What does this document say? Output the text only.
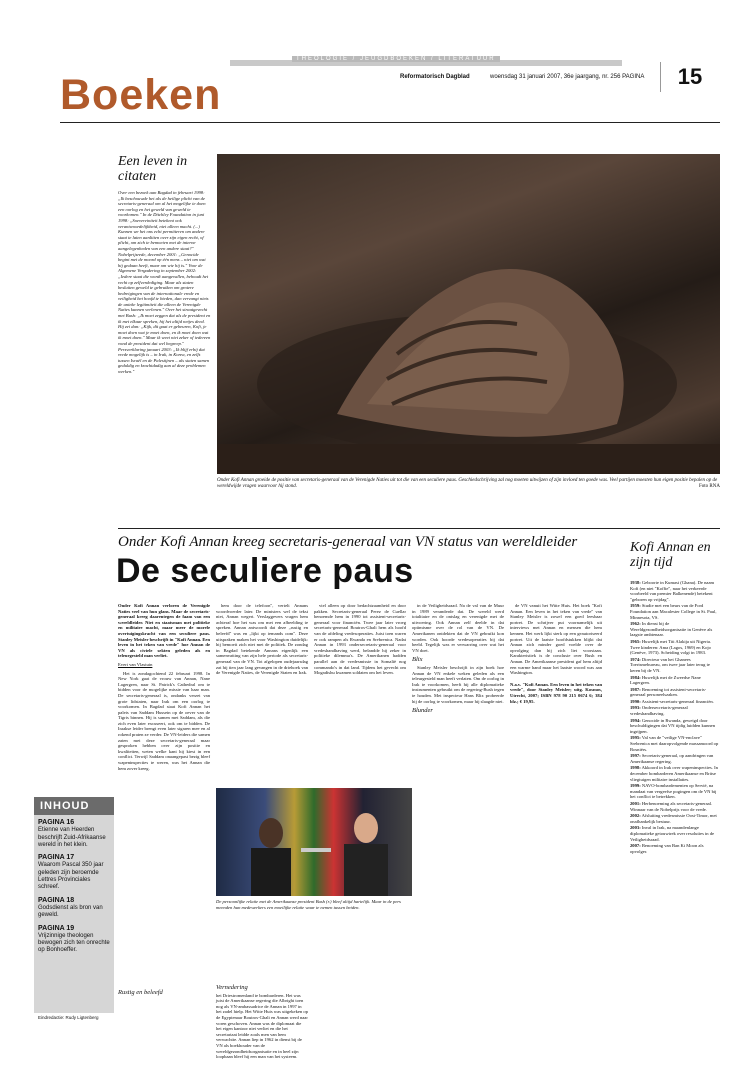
THEOLOGIE / JEUGDBOEKEN / LITERATUUR
Boeken	Reformatorisch Dagblad	woensdag 31 januari 2007, 36e jaargang, nr. 256 PAGINA	15
Een leven in citaten
Over een bezoek aan Bagdad in februari 1998: „Ik beschouwde het als de heilige plicht van de secretaris-generaal om al het mogelijke te doen een oorlog en het geweld van geweld te voorkomen." In de Ditchley Foundation in juni 1998: „Soevereiniteit betekent ook verantwoordelijkheid, niet alleen macht. (...) Kunnen we het ons echt permitteren om andere staat te laten aanlitten over zijn eigen recht, of plicht, om zich te bemoeien met de interne aangelegenheden van een andere staat?" Nobelprijsrede, december 2001: „Genocide begint met de moord op één mens – niet om wat hij gedaan heeft, maar om wie hij is." Voor de Algemene Vergadering in september 2002: „Iedere staat die wordt aangevallen, behoudt het recht op zelfverdediging. Maar als staten besluiten geweld te gebruiken om grotere bedreigingen van de internationale vrede en veiligheid het hoofd te bieden, dan vervangt niets de unieke legitimiteit die alleen de Verenigde Naties kunnen verlenen." Over het straatgevecht met Bush: „Ik moet zeggen dat als de president en ik met elkaar spreken, hij het altijd netjes deed. Hij zei dan: „Kijk, dit gaat er gebeuren, Kofi, je moet doen wat je moet doen, en ik moet doen wat ik moet doen." Maar ik weet niet zeker of iedereen vond de president dat wel begreep." Persverklaring januari 2003: „Ik blijf erbij dat vrede mogelijk is – in Irak, in Korea, en zelfs tussen Israël en de Palestijnen – als staten samen geduldig en krachtdadig aan al deze problemen werken."
Onder Kofi Annan groeide de positie van secretaris-generaal van de Verenigde Naties uit tot die van een seculiere paus. Geschiedschrijving zal nog moeten uitwijzen of zijn invloed ten goede was. Veel partijen moesten hun eigen positie bepalen op de wereldwijde vragen waarvoor hij stond.	Foto RNA
Onder Kofi Annan kreeg secretaris-generaal van VN status van wereldleider
De seculiere paus

Onder Kofi Annan verloren de Verenigde Naties veel van hun glans. Maar de secretaris-generaal kreeg daarentegen de faam van een wereldleider. Niet en staatsman met politieke en militaire macht, maar meer de morele overtuigingskracht van een seculiere paus. Stanley Meisler beschrijft in "Kofi Annan. Een leven in het teken van vrede" hoe Annan de VN als civiele sekten geleden als en teleurgesteld man verliet.

Evert van Vlastuin

Het is zondagochtend 22 februari 1998. In New York gaat de vrouw van Annan, Nane Lagergren, naar St. Patrick's Cathedral om te bidden voor de mogelijke missie van haar man. De secretaris-generaal is, ondanks verzet van grote lidstaten, naar Irak om een oorlog te voorkomen. In Bagdad staat Kofi Annan het paleis van Saddam Hussein op de oever van de Tigris binnen. Hij is samen met Saddam, als die zich even later excuseert, ook om te bidden. De Iraakse leider brengt even later sigaren mee en al rokend praten ze verder. De VN-leiders die samen zaten met deze secretaris-generaal maar gesproken hebben over zijn positie en kwaliteiten, weten welke kant hij kiest in een conflict. Terwijl Saddam onaangepast bezig bleef wapeninspecties te weren, was het Annan die hem zover kreeg.

hem door de telefoon", vertelt Annans woordvoerder later. De ministers wel de tekst niet, Annan wegert. Verslaggevers vragen hem achteraf hoe het was om met een afbeelding te spreken. Annan antwoordt dat deze „rustig en beleefd" was en „lijkt op iemands oom". Deze uitspraken maken het voor Washington duidelijk: hij bemoeit zich niet met de politiek. De zondag in Bagdad betekende Annans eigenlijk een samenvatting van zijn hele periode als secretaris-generaal van de VN. Tot afgelopen oudejaarsdag zat hij tien jaar lang gevangen in de driehoek van de Verenigde Naties, de Verenigde Staten en Irak.

viel alleen op door bedachtzaamheid en door pakken. Secretaris-generaal Perez de Cuellar benoemde hem in 1990 tot assistent-secretaris-generaal voor financiën. Twee jaar later vroeg secretaris-generaal Boutros-Ghali hem als hoofd van de afdeling vredesoperaties. Juist toen waren er ook rampen als Rwanda en Srebrenica. Nadat Annan in 1993 ondersecretaris-generaal voor vredeshandhaving werd, belandde hij zeker in politieke dilemma's. De Amerikanen hadden parallel aan de vredesmissie in Somalië nog commando's in dat land. Tijdens het gevecht om Mogadishu kwamen soldaten om het leven.

in de Veiligheidsraad. Na de val van de Muur in 1989 veranderde dat. De wereld werd totalitaire en de ontslag en verenigde met de uitvoering. Ook Annan zelf deelde in dat optimisme over de rol van de VN. De Amerikanen ontdekten dat de VN gebruikt kon worden. Ook hoorde vredesoperaties bij dat beeld. Tegelijk was er verwarring over wat het VN doet.

Blix

Stanley Meisler beschrijft in zijn boek hoe Annan de VN enkele weken geleden als een teleurgesteld man heeft verlaten. Om de oorlog in Irak te voorkomen, heeft hij alle diplomatieke instrumenten gebruikt om de regering-Bush tegen te houden. Met inspecteur Hans Blix probeerde hij de oorlog te voorkomen, maar hij slaagde niet.

Blunder

de VN vanuit het Witte Huis. Het boek "Kofi Annan. Een leven in het teken van vrede" van Stanley Meisler is zowel een goed leesbaar portret. De schrijver put voornamelijk uit interviews met Annan en mensen die hem kennen. Het werk lijkt sterk op een geautoriseerd portret. Uit de laatste hoofdstukken blijkt dat Annan zich minder goed voelde over de opvolging dan hij zich liet voorstaan. Karakteristiek is de conclusie over Bush en Annan. De Amerikaanse president gaf hem altijd een warme hand maar het laatste woord was aan Washington.

N.a.v. "Kofi Annan. Een leven in het teken van vrede", door Stanley Meisler; uitg. Kosmos, Utrecht, 2007; ISBN 978 90 215 0674 6; 384 blz.; € 19,95.

Rustig en beleefd
Vernedering

het Driestromenland te bombarderen. Het was juist de Amerikaanse regering die Albright toen nog als VN-ambassadrice de Annan in 1997 in het zadel hielp. Het Witte Huis was uitgekeken op de Egyptenaar Boutros-Ghali en Annan werd naar voren geschoven. Annan was de diplomaat die het eigen kantoor niet verliet en die het secretariaat leidde zoals men van hem verwachtte. Annan liep in 1962 in dienst bij de VN als boekhouder van de wereldgezondheidsorganisatie en in heel zijn loopbaan bleef hij een man van het systeem.

De persoonlijke relatie met de Amerikaanse president Bush (r.) bleef altijd hartelijk. Maar in de pers meenden hun medewerkers een moeilijke relatie waar te nemen tussen beiden.
INHOUD
PAGINA 16
Etienne van Heerden beschrijft Zuid-Afrikaanse wereld in het klein.
PAGINA 17
Waarom Pascal 350 jaar geleden zijn beroemde Lettres Provinciales schreef.
PAGINA 18
Godsdienst als bron van geweld.
PAGINA 19
Vrijzinnige theologen bewogen zich ten onrechte op Bonhoeffer.
Eindredactie: Rudy Ligtenberg
Kofi Annan en zijn tijd

1938: Geboorte in Kumasi (Ghana). De naam Kofi (en niet "Koffie", naar het verkeerde voorbeeld van premier Balkenende) betekent "geboren op vrijdag".

1959: Studie met een beurs van de Ford Foundation aan Macalester College in St. Paul, Minnesota, VS.

1962: In dienst bij de Wereldgezondheidsorganisatie in Genève als laagste ambtenaar.

1965: Huwelijk met Titi Alakija uit Nigeria. Twee kinderen: Ama (Lagos, 1969) en Kojo (Genève, 1973). Scheiding volgt in 1983.

1974: Directeur van het Ghanees Toerismebureau, om twee jaar later terug te keren bij de VN.

1984: Huwelijk met de Zweedse Nane Lagergren.

1987: Benoeming tot assistent-secretaris-generaal personeelszaken.

1990: Assistent-secretaris-generaal financiën.

1993: Ondersecretaris-generaal vredeshandhaving.

1994: Genocide in Rwanda, geweigd door beschuldigingen dat VN tijdig luidden kunnen ingrijpen.

1995: Val van de "veilige VN-enclave" Srebrenica met daaropvolgende massamoord op Bosniërs.

1997: Secretaris-generaal, op aandringen van Amerikaanse regering.

1998: Akkoord in Irak over wapeninspecties. In december bombarderen Amerikaanse en Britse vliegtuigen militaire installaties.

1999: NAVO-bombardementen op Servië, na mandaat van vergeefse pogingen om de VN bij het conflict te betrekken.

2001: Herbenoeming als secretaris-generaal. Winnaar van de Nobelprijs voor de vrede.

2002: Afsluiting vredesmissie Oost-Timor, met onafhankelijk bestuur.

2003: Inval in Irak, na maandenlange diplomatieke getouwtrek over resoluties in de Veiligheidsraad.

2007: Benoeming van Ban Ki Moon als opvolger.
